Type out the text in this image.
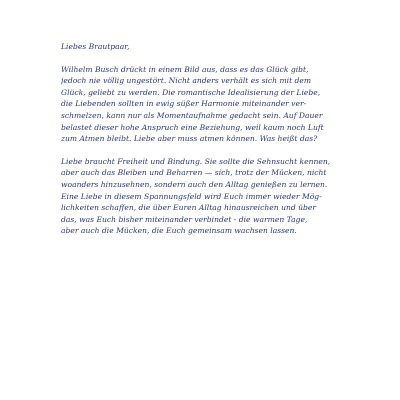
Liebes Brautpaar,
Wilhelm Busch drückt in einem Bild aus, dass es das Glück gibt,
jedoch nie völlig ungestört. Nicht anders verhält es sich mit dem
Glück, geliebt zu werden. Die romantische Idealisierung der Liebe,
die Liebenden sollten in ewig süßer Harmonie miteinander ver-
schmelzen, kann nur als Momentaufnahme gedacht sein. Auf Dauer
belastet dieser hohe Anspruch eine Beziehung, weil kaum noch Luft
zum Atmen bleibt. Liebe aber muss atmen können. Was heißt das?
Liebe braucht Freiheit und Bindung. Sie sollte die Sehnsucht kennen,
aber auch das Bleiben und Beharren — sich, trotz der Mücken, nicht
woanders hinzusehnen, sondern auch den Alltag genießen zu lernen.
Eine Liebe in diesem Spannungsfeld wird Euch immer wieder Mög-
lichkeiten schaffen, die über Euren Alltag hinausreichen und über
das, was Euch bisher miteinander verbindet - die warmen Tage,
aber auch die Mücken, die Euch gemeinsam wachsen lassen.
